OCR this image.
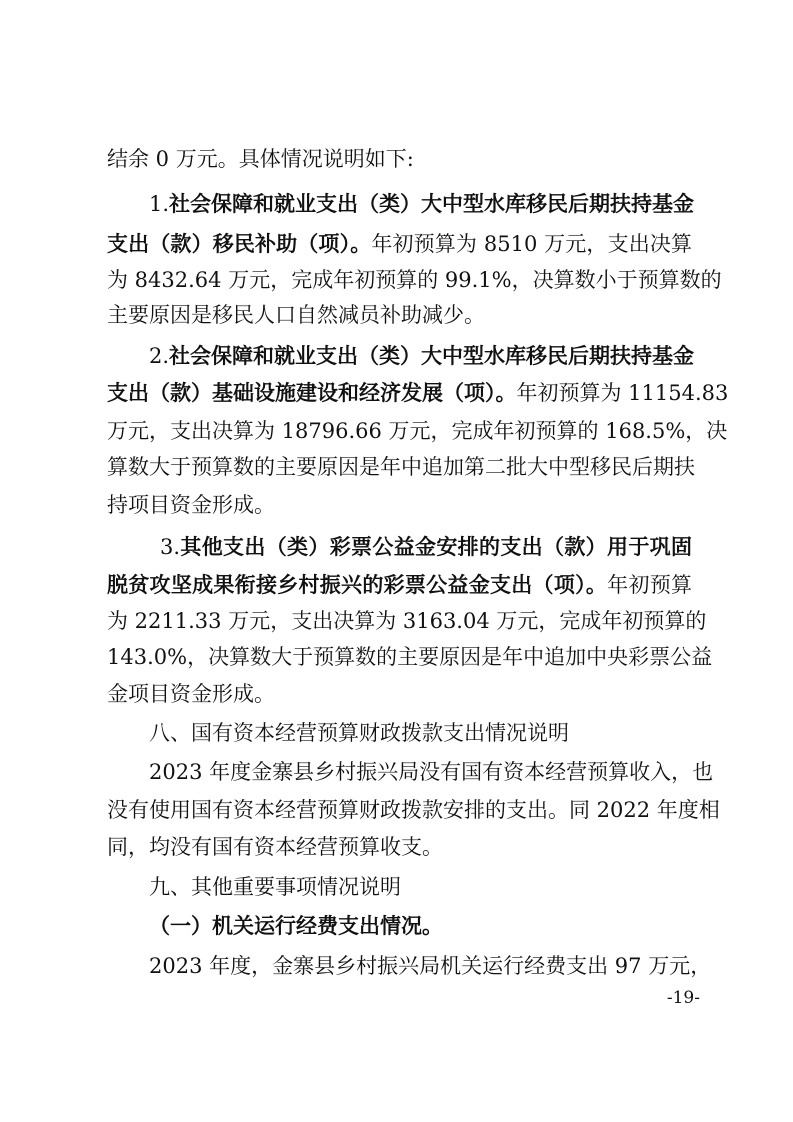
结余 0 万元。具体情况说明如下:
1.社会保障和就业支出（类）大中型水库移民后期扶持基金
支出（款）移民补助（项）。年初预算为 8510 万元，支出决算
为 8432.64 万元，完成年初预算的 99.1%，决算数小于预算数的
主要原因是移民人口自然减员补助减少。
2.社会保障和就业支出（类）大中型水库移民后期扶持基金
支出（款）基础设施建设和经济发展（项）。年初预算为 11154.83
万元，支出决算为 18796.66 万元，完成年初预算的 168.5%，决
算数大于预算数的主要原因是年中追加第二批大中型移民后期扶
持项目资金形成。
3.其他支出（类）彩票公益金安排的支出（款）用于巩固
脱贫攻坚成果衔接乡村振兴的彩票公益金支出（项）。年初预算
为 2211.33 万元，支出决算为 3163.04 万元，完成年初预算的
143.0%，决算数大于预算数的主要原因是年中追加中央彩票公益
金项目资金形成。
八、国有资本经营预算财政拨款支出情况说明
2023 年度金寨县乡村振兴局没有国有资本经营预算收入，也
没有使用国有资本经营预算财政拨款安排的支出。同 2022 年度相
同，均没有国有资本经营预算收支。
九、其他重要事项情况说明
（一）机关运行经费支出情况。
2023 年度，金寨县乡村振兴局机关运行经费支出 97 万元，
-19-
